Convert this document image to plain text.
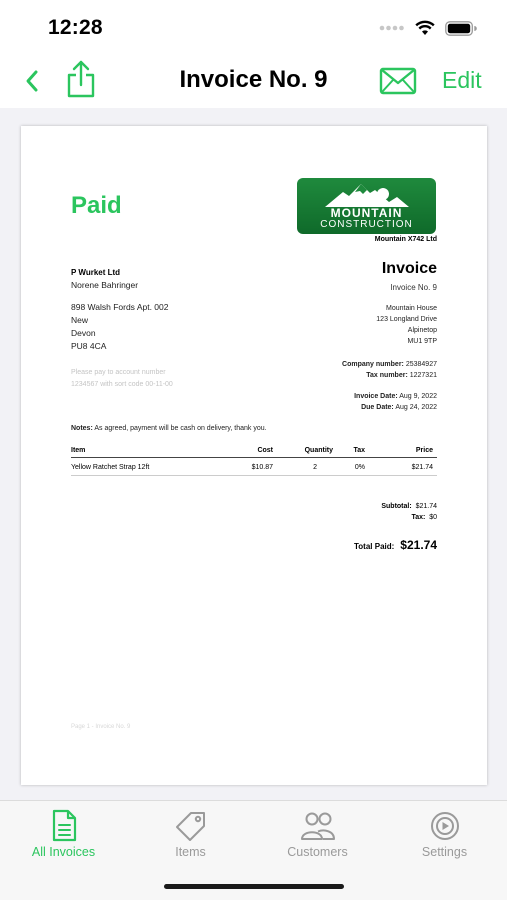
12:28
Invoice No. 9	Edit
Paid	MOUNTAIN
CONSTRUCTION
Mountain X742 Ltd
P Wurket Ltd
Norene Bahringer
898 Walsh Fords Apt. 002
New
Devon
PU8 4CA
Please pay to account number
1234567 with sort code 00-11-00
Invoice
Invoice No. 9
Mountain House
123 Longland Drive
Alpinetop
MU1 9TP
Company number: 25384927
Tax number: 1227321
Invoice Date: Aug 9, 2022
Due Date: Aug 24, 2022
Notes: As agreed, payment will be cash on delivery, thank you.
Item	Cost	Quantity	Tax	Price
Yellow Ratchet Strap 12ft	$10.87	2	0%	$21.74
Subtotal: $21.74
Tax: $0
Total Paid: $21.74
Page 1 - Invoice No. 9
All Invoices	Items	Customers	Settings
